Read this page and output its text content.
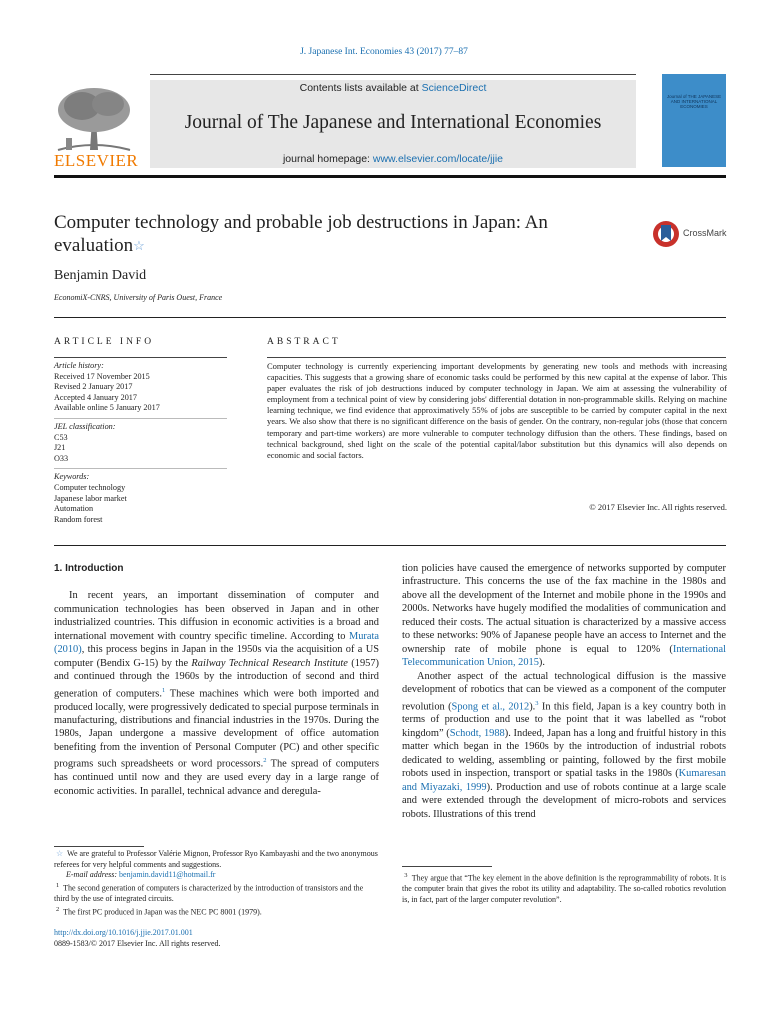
J. Japanese Int. Economies 43 (2017) 77–87
ELSEVIER
Contents lists available at ScienceDirect
Journal of The Japanese and International Economies
journal homepage: www.elsevier.com/locate/jjie
Journal of THE JAPANESE AND INTERNATIONAL ECONOMIES
Computer technology and probable job destructions in Japan: An evaluation☆
CrossMark
Benjamin David
EconomiX-CNRS, University of Paris Ouest, France
ARTICLE INFO	ABSTRACT
Article history:
Received 17 November 2015
Revised 2 January 2017
Accepted 4 January 2017
Available online 5 January 2017
JEL classification:
C53
J21
O33
Keywords:
Computer technology
Japanese labor market
Automation
Random forest
Computer technology is currently experiencing important developments by generating new tools and methods with increasing capacities. This suggests that a growing share of economic tasks could be performed by this new capital at the expense of labor. This paper evaluates the risk of job destructions induced by computer technology in Japan. We aim at assessing the vulnerability of employment from a technical point of view by considering jobs' differential dotation in non-programmable skills. Relying on machine learning technique, we find evidence that approximatively 55% of jobs are susceptible to be carried by computer capital in the next years. We also show that there is no significant difference on the basis of gender. On the contrary, non-regular jobs (those that concern temporary and part-time workers) are more vulnerable to computer technology diffusion than the others. These findings, based on technical background, shed light on the scale of the potential capital/labor substitution but this dynamics will also depends on economic and social factors.
© 2017 Elsevier Inc. All rights reserved.
1. Introduction

In recent years, an important dissemination of computer and communication technologies has been observed in Japan and in other industrialized countries. This diffusion in economic activities is a broad and international movement with country specific timeline. According to Murata (2010), this process begins in Japan in the 1950s via the acquisition of a US computer (Bendix G-15) by the Railway Technical Research Institute (1957) and continued through the 1960s by the introduction of second and third generation of computers.$^1$ These machines which were both imported and produced locally, were progressively dedicated to special purpose terminals in manufacturing, distributions and financial industries in the 1970s. During the 1980s, Japan undergone a massive development of office automation benefiting from the invention of Personal Computer (PC) and other specific programs such spreadsheets or word processors.$^2$ The spread of computers has continued until now and they are used every day in a large range of economic activities. In parallel, technical advance and deregula-

tion policies have caused the emergence of networks supported by computer infrastructure. This concerns the use of the fax machine in the 1980s and above all the development of the Internet and mobile phone in the 1990s and 2000s. Networks have hugely modified the modalities of communication and reduced their costs. The actual situation is characterized by a massive access to these networks: 90% of Japanese people have an access to Internet and the ownership rate of mobile phone is equal to 120% (International Telecommunication Union, 2015).

Another aspect of the actual technological diffusion is the massive development of robotics that can be viewed as a component of the computer revolution (Spong et al., 2012).$^3$ In this field, Japan is a key country both in terms of production and use to the point that it was labelled as “robot kingdom” (Schodt, 1988). Indeed, Japan has a long and fruitful history in this matter which began in the 1960s by the introduction of industrial robots dedicated to welding, assembling or painting, followed by the first mobile robots used in inspection, transport or spatial tasks in the 1980s (Kumaresan and Miyazaki, 1999). Production and use of robots continue at a large scale and were extended through the development of micro-robots and services robots. Illustrations of this trend

☆ We are grateful to Professor Valérie Mignon, Professor Ryo Kambayashi and the two anonymous referees for very helpful comments and suggestions.
E-mail address: benjamin.david11@hotmail.fr
$^1$ The second generation of computers is characterized by the introduction of transistors and the third by the use of integrated circuits.
$^2$ The first PC produced in Japan was the NEC PC 8001 (1979).
$^3$ They argue that “The key element in the above definition is the reprogrammability of robots. It is the computer brain that gives the robot its utility and adaptability. The so-called robotics revolution is, in fact, part of the larger computer revolution”.
http://dx.doi.org/10.1016/j.jjie.2017.01.001
0889-1583/© 2017 Elsevier Inc. All rights reserved.
